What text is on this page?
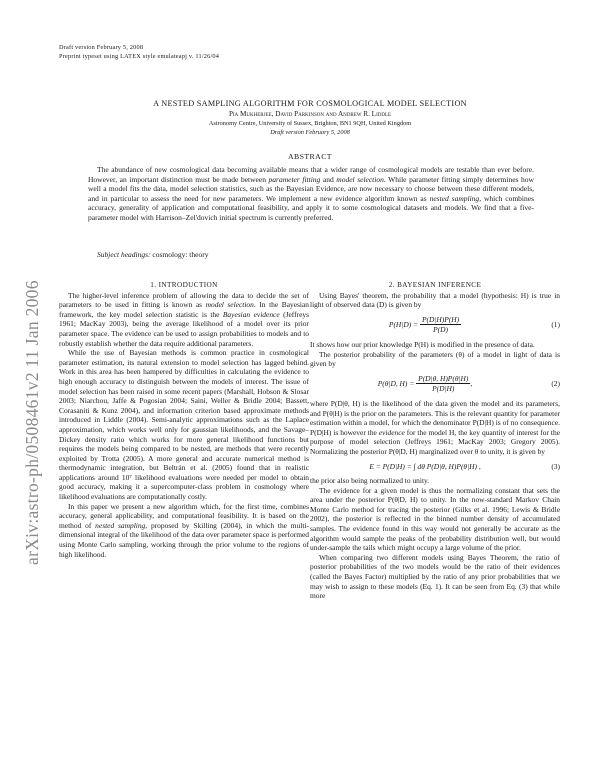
Draft version February 5, 2008
Preprint typeset using LATEX style emulateapj v. 11/26/04
arXiv:astro-ph/0508461v2 11 Jan 2006
A NESTED SAMPLING ALGORITHM FOR COSMOLOGICAL MODEL SELECTION
Pia Mukherjee, David Parkinson and Andrew R. Liddle
Astronomy Centre, University of Sussex, Brighton, BN1 9QH, United Kingdom
Draft version February 5, 2008
ABSTRACT

The abundance of new cosmological data becoming available means that a wider range of cosmological models are testable than ever before. However, an important distinction must be made between parameter fitting and model selection. While parameter fitting simply determines how well a model fits the data, model selection statistics, such as the Bayesian Evidence, are now necessary to choose between these different models, and in particular to assess the need for new parameters. We implement a new evidence algorithm known as nested sampling, which combines accuracy, generality of application and computational feasibility, and apply it to some cosmological datasets and models. We find that a five-parameter model with Harrison–Zel'dovich initial spectrum is currently preferred.

Subject headings: cosmology: theory

1. INTRODUCTION

The higher-level inference problem of allowing the data to decide the set of parameters to be used in fitting is known as model selection. In the Bayesian framework, the key model selection statistic is the Bayesian evidence (Jeffreys 1961; MacKay 2003), being the average likelihood of a model over its prior parameter space. The evidence can be used to assign probabilities to models and to robustly establish whether the data require additional parameters.

While the use of Bayesian methods is common practice in cosmological parameter estimation, its natural extension to model selection has lagged behind. Work in this area has been hampered by difficulties in calculating the evidence to high enough accuracy to distinguish between the models of interest. The issue of model selection has been raised in some recent papers (Marshall, Hobson & Slosar 2003; Niarchou, Jaffe & Pogosian 2004; Saini, Weller & Bridle 2004; Bassett, Corasaniti & Kunz 2004), and information criterion based approximate methods introduced in Liddle (2004). Semi-analytic approximations such as the Laplace approximation, which works well only for gaussian likelihoods, and the Savage–Dickey density ratio which works for more general likelihood functions but requires the models being compared to be nested, are methods that were recently exploited by Trotta (2005). A more general and accurate numerical method is thermodynamic integration, but Beltrán et al. (2005) found that in realistic applications around 10⁷ likelihood evaluations were needed per model to obtain good accuracy, making it a supercomputer-class problem in cosmology where likelihood evaluations are computationally costly.

In this paper we present a new algorithm which, for the first time, combines accuracy, general applicability, and computational feasibility. It is based on the method of nested sampling, proposed by Skilling (2004), in which the multi-dimensional integral of the likelihood of the data over parameter space is performed using Monte Carlo sampling, working through the prior volume to the regions of high likelihood.

2. BAYESIAN INFERENCE

Using Bayes' theorem, the probability that a model (hypothesis: H) is true in light of observed data (D) is given by

$P(H|D) = \frac{P(D|H)P(H)}{P(D)}$	(1)

It shows how our prior knowledge P(H) is modified in the presence of data.

The posterior probability of the parameters (θ) of a model in light of data is given by

P(θ|D, $H) = \frac{P(D|\theta, H)P(\theta|H)}{P(D|H)}$ ,	(2)

where P(D|θ, H) is the likelihood of the data given the model and its parameters, and P(θ|H) is the prior on the parameters. This is the relevant quantity for parameter estimation within a model, for which the denominator P(D|H) is of no consequence. P(D|H) is however the evidence for the model H, the key quantity of interest for the purpose of model selection (Jeffreys 1961; MacKay 2003; Gregory 2005). Normalizing the posterior P(θ|D, H) marginalized over θ to unity, it is given by

E = P(D|H) = ∫ dθ P(D|θ, H)P(θ|H) ,	(3)

the prior also being normalized to unity.

The evidence for a given model is thus the normalizing constant that sets the area under the posterior P(θ|D, H) to unity. In the now-standard Markov Chain Monte Carlo method for tracing the posterior (Gilks et al. 1996; Lewis & Bridle 2002), the posterior is reflected in the binned number density of accumulated samples. The evidence found in this way would not generally be accurate as the algorithm would sample the peaks of the probability distribution well, but would under-sample the tails which might occupy a large volume of the prior.

When comparing two different models using Bayes Theorem, the ratio of posterior probabilities of the two models would be the ratio of their evidences (called the Bayes Factor) multiplied by the ratio of any prior probabilities that we may wish to assign to these models (Eq. 1). It can be seen from Eq. (3) that while more
